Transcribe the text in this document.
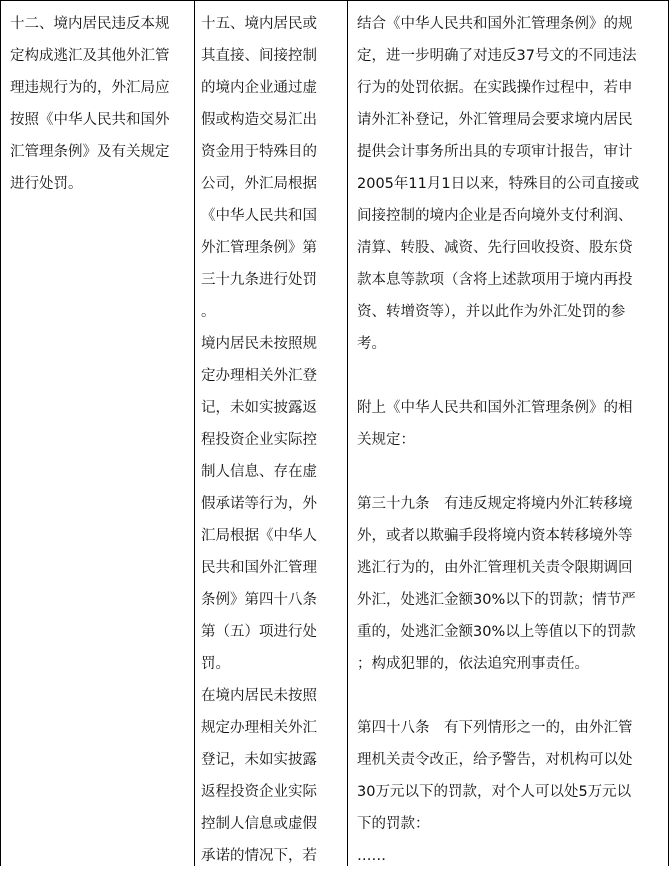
十二、境内居民违反本规

定构成逃汇及其他外汇管

理违规行为的，外汇局应

按照《中华人民共和国外

汇管理条例》及有关规定

进行处罚。

十五、境内居民或

其直接、间接控制

的境内企业通过虚

假或构造交易汇出

资金用于特殊目的

公司，外汇局根据

《中华人民共和国

外汇管理条例》第

三十九条进行处罚

。

境内居民未按照规

定办理相关外汇登

记，未如实披露返

程投资企业实际控

制人信息、存在虚

假承诺等行为，外

汇局根据《中华人

民共和国外汇管理

条例》第四十八条

第（五）项进行处

罚。

在境内居民未按照

规定办理相关外汇

登记，未如实披露

返程投资企业实际

控制人信息或虚假

承诺的情况下，若

结合《中华人民共和国外汇管理条例》的规

定，进一步明确了对违反37号文的不同违法

行为的处罚依据。在实践操作过程中，若申

请外汇补登记，外汇管理局会要求境内居民

提供会计事务所出具的专项审计报告，审计

2005年11月1日以来，特殊目的公司直接或

间接控制的境内企业是否向境外支付利润、

清算、转股、减资、先行回收投资、股东贷

款本息等款项（含将上述款项用于境内再投

资、转增资等），并以此作为外汇处罚的参

考。

附上《中华人民共和国外汇管理条例》的相

关规定：

第三十九条　有违反规定将境内外汇转移境

外，或者以欺骗手段将境内资本转移境外等

逃汇行为的，由外汇管理机关责令限期调回

外汇，处逃汇金额30%以下的罚款；情节严

重的，处逃汇金额30%以上等值以下的罚款

；构成犯罪的，依法追究刑事责任。

第四十八条　有下列情形之一的，由外汇管

理机关责令改正，给予警告，对机构可以处

30万元以下的罚款，对个人可以处5万元以

下的罚款：

……
